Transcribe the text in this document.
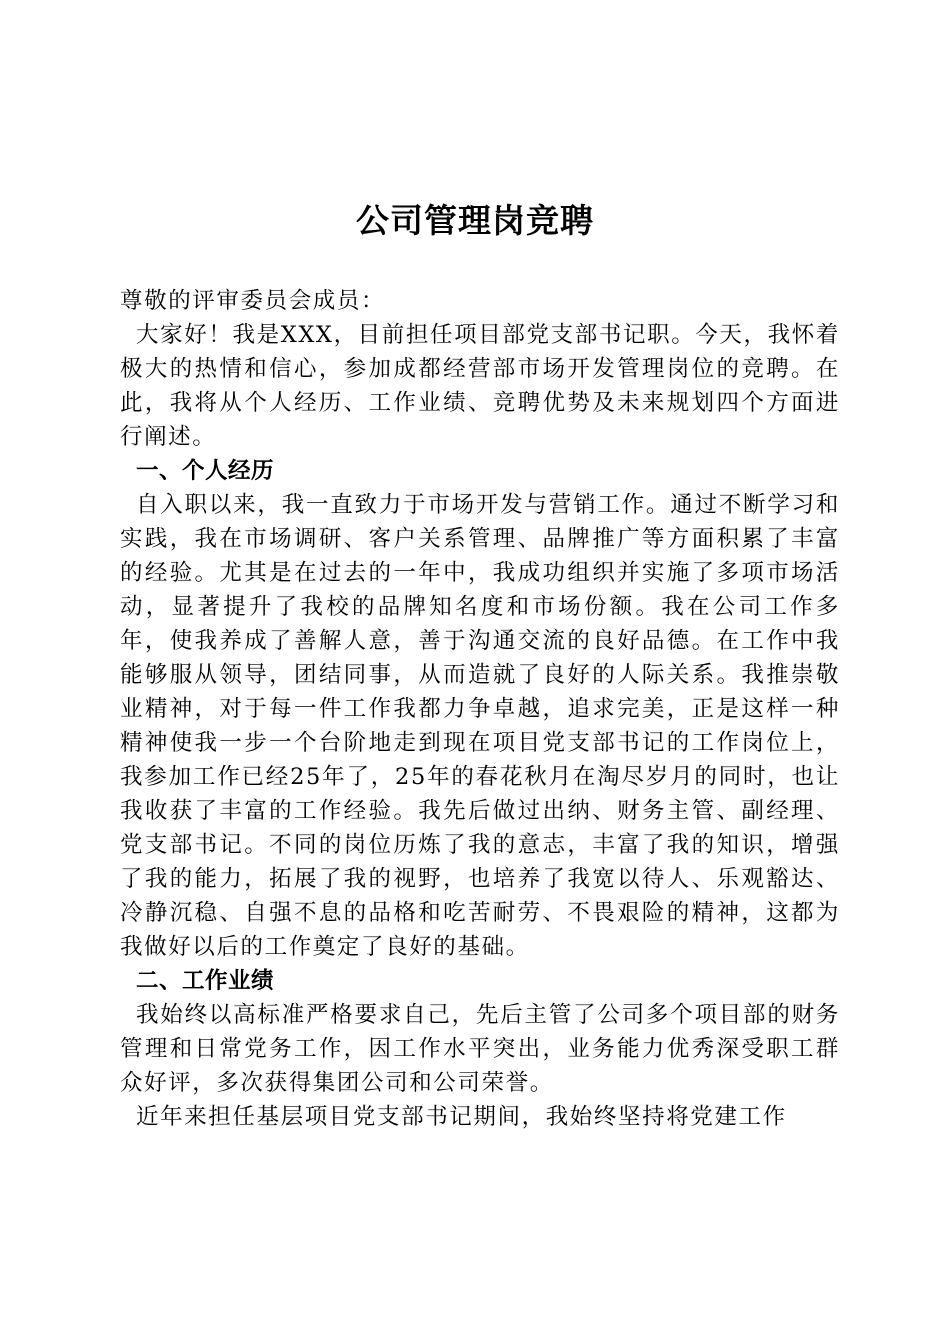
公司管理岗竞聘

尊敬的评审委员会成员：

大家好！我是XXX，目前担任项目部党支部书记职。今天，我怀着极大的热情和信心，参加成都经营部市场开发管理岗位的竞聘。在此，我将从个人经历、工作业绩、竞聘优势及未来规划四个方面进行阐述。

一、个人经历

自入职以来，我一直致力于市场开发与营销工作。通过不断学习和实践，我在市场调研、客户关系管理、品牌推广等方面积累了丰富的经验。尤其是在过去的一年中，我成功组织并实施了多项市场活动，显著提升了我校的品牌知名度和市场份额。我在公司工作多年，使我养成了善解人意，善于沟通交流的良好品德。在工作中我能够服从领导，团结同事，从而造就了良好的人际关系。我推崇敬业精神，对于每一件工作我都力争卓越，追求完美，正是这样一种精神使我一步一个台阶地走到现在项目党支部书记的工作岗位上，我参加工作已经25年了，25年的春花秋月在淘尽岁月的同时，也让我收获了丰富的工作经验。我先后做过出纳、财务主管、副经理、党支部书记。不同的岗位历炼了我的意志，丰富了我的知识，增强了我的能力，拓展了我的视野，也培养了我宽以待人、乐观豁达、冷静沉稳、自强不息的品格和吃苦耐劳、不畏艰险的精神，这都为我做好以后的工作奠定了良好的基础。

二、工作业绩

我始终以高标准严格要求自己，先后主管了公司多个项目部的财务管理和日常党务工作，因工作水平突出，业务能力优秀深受职工群众好评，多次获得集团公司和公司荣誉。

近年来担任基层项目党支部书记期间，我始终坚持将党建工作
